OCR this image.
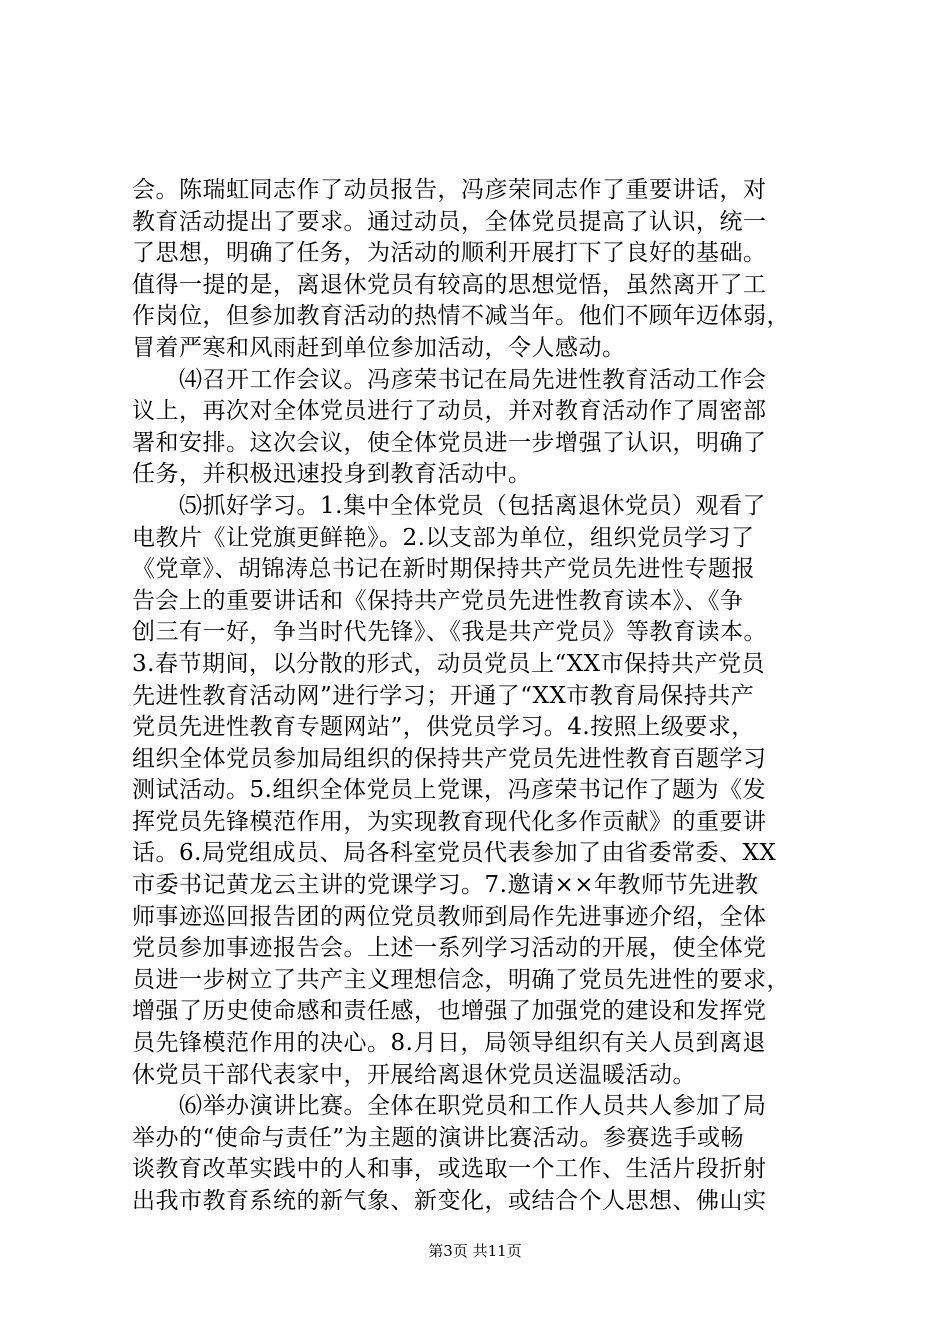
会。陈瑞虹同志作了动员报告，冯彦荣同志作了重要讲话，对
教育活动提出了要求。通过动员，全体党员提高了认识，统一
了思想，明确了任务，为活动的顺利开展打下了良好的基础。
值得一提的是，离退休党员有较高的思想觉悟，虽然离开了工
作岗位，但参加教育活动的热情不减当年。他们不顾年迈体弱，
冒着严寒和风雨赶到单位参加活动，令人感动。
　　⑷召开工作会议。冯彦荣书记在局先进性教育活动工作会
议上，再次对全体党员进行了动员，并对教育活动作了周密部
署和安排。这次会议，使全体党员进一步增强了认识，明确了
任务，并积极迅速投身到教育活动中。
　　⑸抓好学习。1.集中全体党员（包括离退休党员）观看了
电教片《让党旗更鲜艳》。2.以支部为单位，组织党员学习了
《党章》、胡锦涛总书记在新时期保持共产党员先进性专题报
告会上的重要讲话和《保持共产党员先进性教育读本》、《争
创三有一好，争当时代先锋》、《我是共产党员》等教育读本。
3.春节期间，以分散的形式，动员党员上“XX市保持共产党员
先进性教育活动网”进行学习；开通了“XX市教育局保持共产
党员先进性教育专题网站”，供党员学习。4.按照上级要求，
组织全体党员参加局组织的保持共产党员先进性教育百题学习
测试活动。5.组织全体党员上党课，冯彦荣书记作了题为《发
挥党员先锋模范作用，为实现教育现代化多作贡献》的重要讲
话。6.局党组成员、局各科室党员代表参加了由省委常委、XX
市委书记黄龙云主讲的党课学习。7.邀请××年教师节先进教
师事迹巡回报告团的两位党员教师到局作先进事迹介绍，全体
党员参加事迹报告会。上述一系列学习活动的开展，使全体党
员进一步树立了共产主义理想信念，明确了党员先进性的要求，
增强了历史使命感和责任感，也增强了加强党的建设和发挥党
员先锋模范作用的决心。8.月日，局领导组织有关人员到离退
休党员干部代表家中，开展给离退休党员送温暖活动。
　　⑹举办演讲比赛。全体在职党员和工作人员共人参加了局
举办的“使命与责任”为主题的演讲比赛活动。参赛选手或畅
谈教育改革实践中的人和事，或选取一个工作、生活片段折射
出我市教育系统的新气象、新变化，或结合个人思想、佛山实
第3页 共11页
